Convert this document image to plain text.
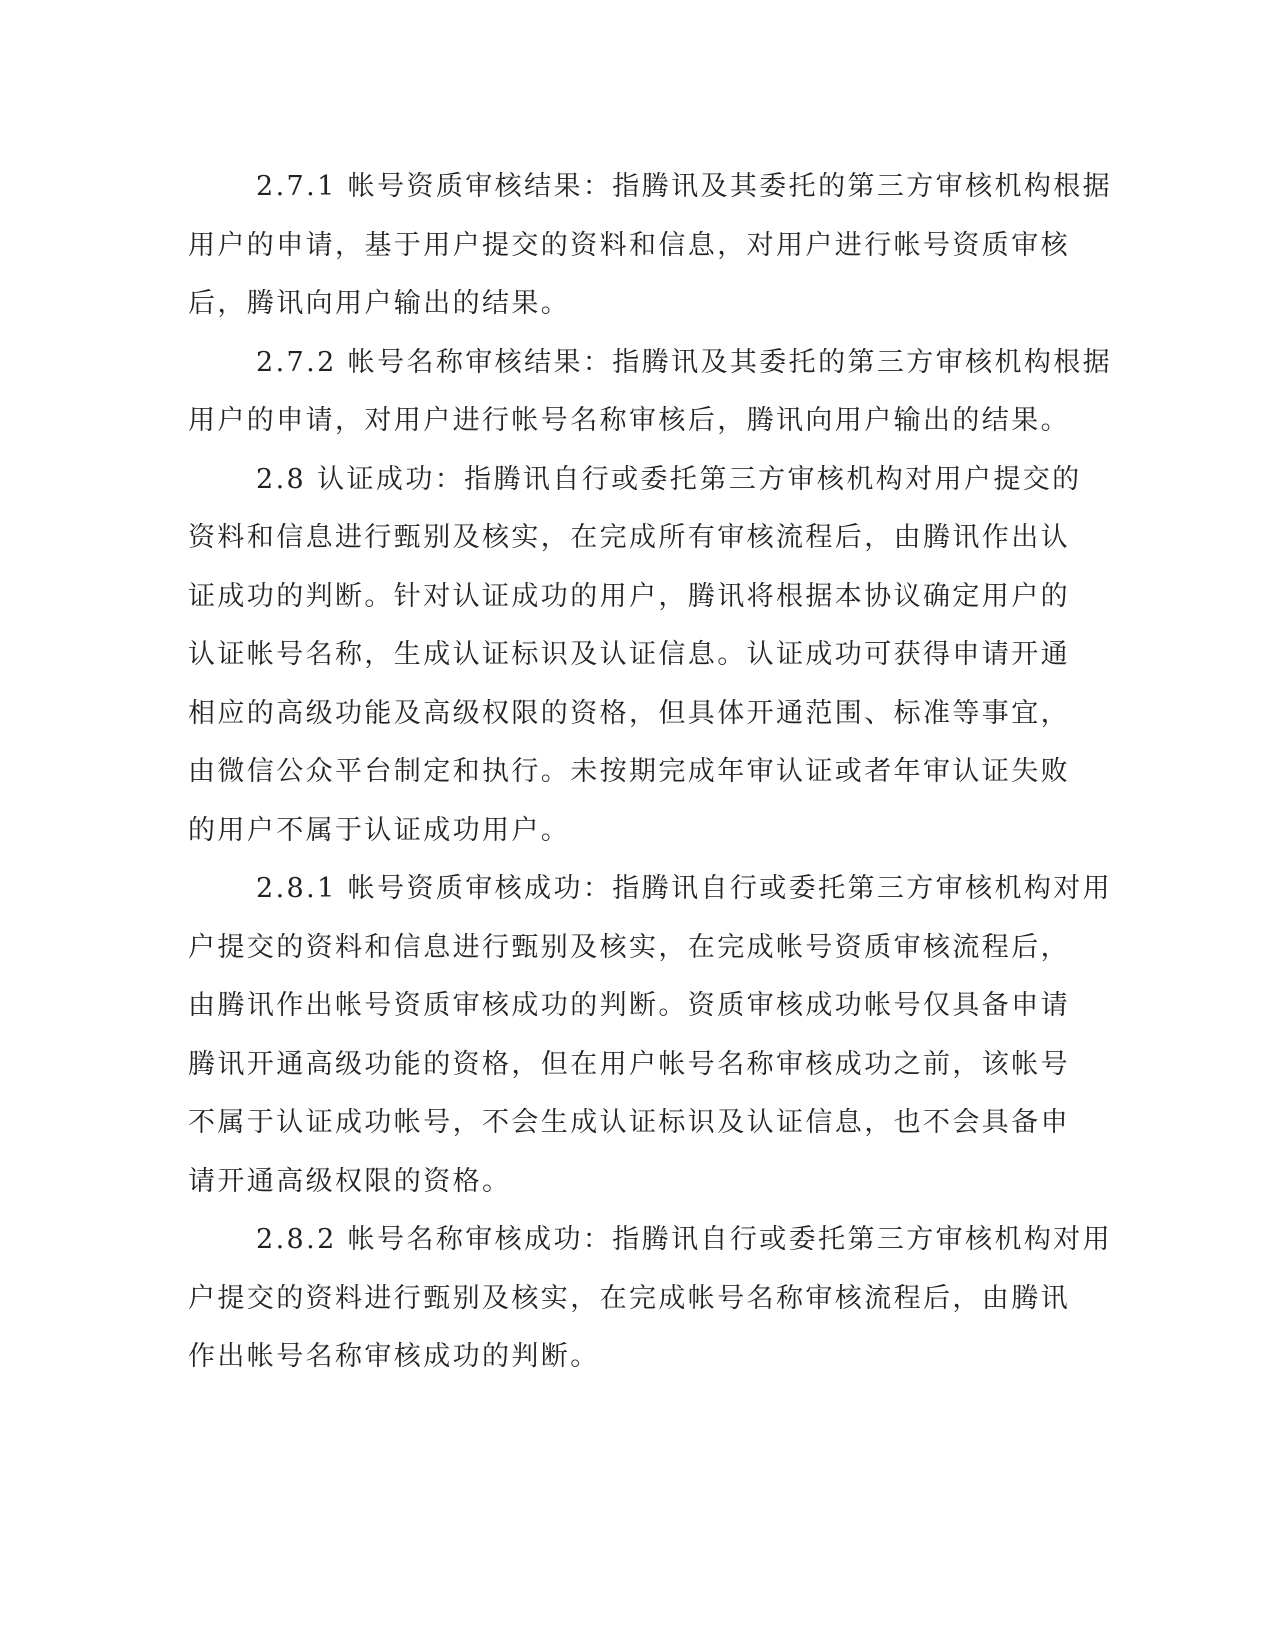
2.7.1 帐号资质审核结果：指腾讯及其委托的第三方审核机构根据
用户的申请，基于用户提交的资料和信息，对用户进行帐号资质审核
后，腾讯向用户输出的结果。

2.7.2 帐号名称审核结果：指腾讯及其委托的第三方审核机构根据
用户的申请，对用户进行帐号名称审核后，腾讯向用户输出的结果。

2.8 认证成功：指腾讯自行或委托第三方审核机构对用户提交的
资料和信息进行甄别及核实，在完成所有审核流程后，由腾讯作出认
证成功的判断。针对认证成功的用户，腾讯将根据本协议确定用户的
认证帐号名称，生成认证标识及认证信息。认证成功可获得申请开通
相应的高级功能及高级权限的资格，但具体开通范围、标准等事宜，
由微信公众平台制定和执行。未按期完成年审认证或者年审认证失败
的用户不属于认证成功用户。

2.8.1 帐号资质审核成功：指腾讯自行或委托第三方审核机构对用
户提交的资料和信息进行甄别及核实，在完成帐号资质审核流程后，
由腾讯作出帐号资质审核成功的判断。资质审核成功帐号仅具备申请
腾讯开通高级功能的资格，但在用户帐号名称审核成功之前，该帐号
不属于认证成功帐号，不会生成认证标识及认证信息，也不会具备申
请开通高级权限的资格。

2.8.2 帐号名称审核成功：指腾讯自行或委托第三方审核机构对用
户提交的资料进行甄别及核实，在完成帐号名称审核流程后，由腾讯
作出帐号名称审核成功的判断。
